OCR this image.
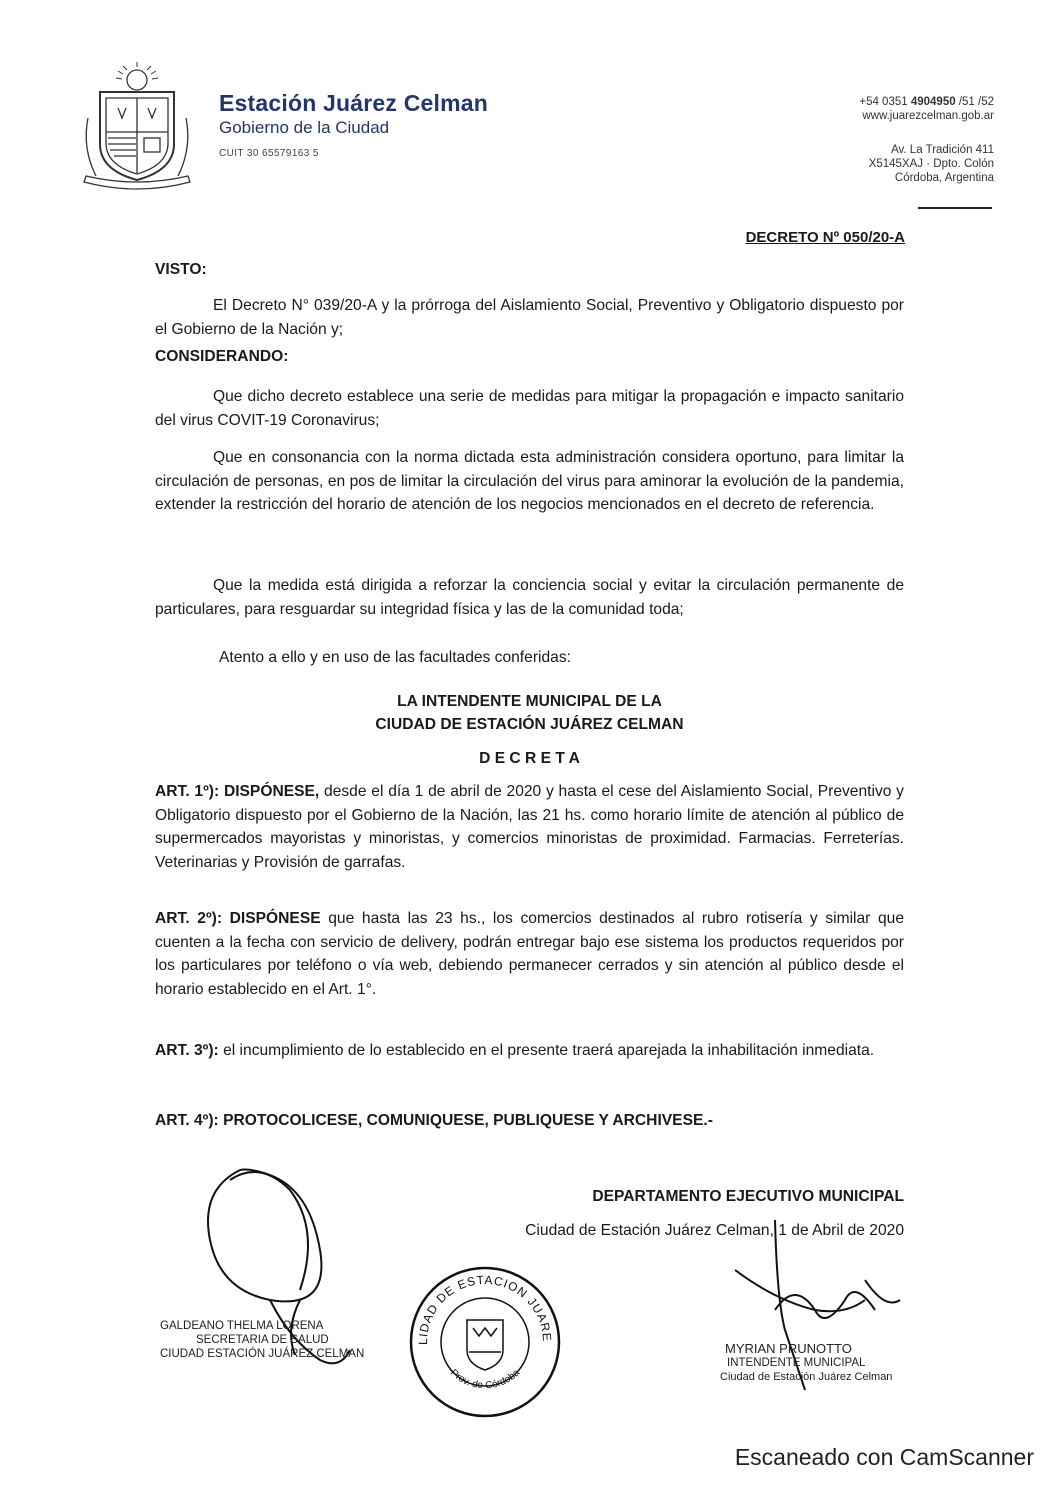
Estación Juárez Celman
Gobierno de la Ciudad
CUIT 30 65579163 5
+54 0351 4904950 /51 /52
www.juarezcelman.gob.ar
Av. La Tradición 411
X5145XAJ · Dpto. Colón
Córdoba, Argentina
DECRETO Nº 050/20-A
VISTO:
El Decreto N° 039/20-A y la prórroga del Aislamiento Social, Preventivo y Obligatorio dispuesto por el Gobierno de la Nación y;
CONSIDERANDO:
Que dicho decreto establece una serie de medidas para mitigar la propagación e impacto sanitario del virus COVIT-19 Coronavirus;
Que en consonancia con la norma dictada esta administración considera oportuno, para limitar la circulación de personas, en pos de limitar la circulación del virus para aminorar la evolución de la pandemia, extender la restricción del horario de atención de los negocios mencionados en el decreto de referencia.
Que la medida está dirigida a reforzar la conciencia social y evitar la circulación permanente de particulares, para resguardar su integridad física y las de la comunidad toda;
Atento a ello y en uso de las facultades conferidas:
LA INTENDENTE MUNICIPAL DE LA
CIUDAD DE ESTACIÓN JUÁREZ CELMAN
D E C R E T A
ART. 1º): DISPÓNESE, desde el día 1 de abril de 2020 y hasta el cese del Aislamiento Social, Preventivo y Obligatorio dispuesto por el Gobierno de la Nación, las 21 hs. como horario límite de atención al público de supermercados mayoristas y minoristas, y comercios minoristas de proximidad. Farmacias. Ferreterías. Veterinarias y Provisión de garrafas.
ART. 2º): DISPÓNESE que hasta las 23 hs., los comercios destinados al rubro rotisería y similar que cuenten a la fecha con servicio de delivery, podrán entregar bajo ese sistema los productos requeridos por los particulares por teléfono o vía web, debiendo permanecer cerrados y sin atención al público desde el horario establecido en el Art. 1°.
ART. 3º): el incumplimiento de lo establecido en el presente traerá aparejada la inhabilitación inmediata.
ART. 4º): PROTOCOLICESE, COMUNIQUESE, PUBLIQUESE Y ARCHIVESE.-
DEPARTAMENTO EJECUTIVO MUNICIPAL
Ciudad de Estación Juárez Celman, 1 de Abril de 2020
GALDEANO THELMA LORENA
SECRETARIA DE SALUD
CIUDAD ESTACIÓN JUÁREZ CELMAN
MUNICIPALIDAD DE ESTACION JUAREZ CELMAN
Prov. de Córdoba
MYRIAN PRUNOTTO
INTENDENTE MUNICIPAL
Ciudad de Estación Juárez Celman
Escaneado con CamScanner
